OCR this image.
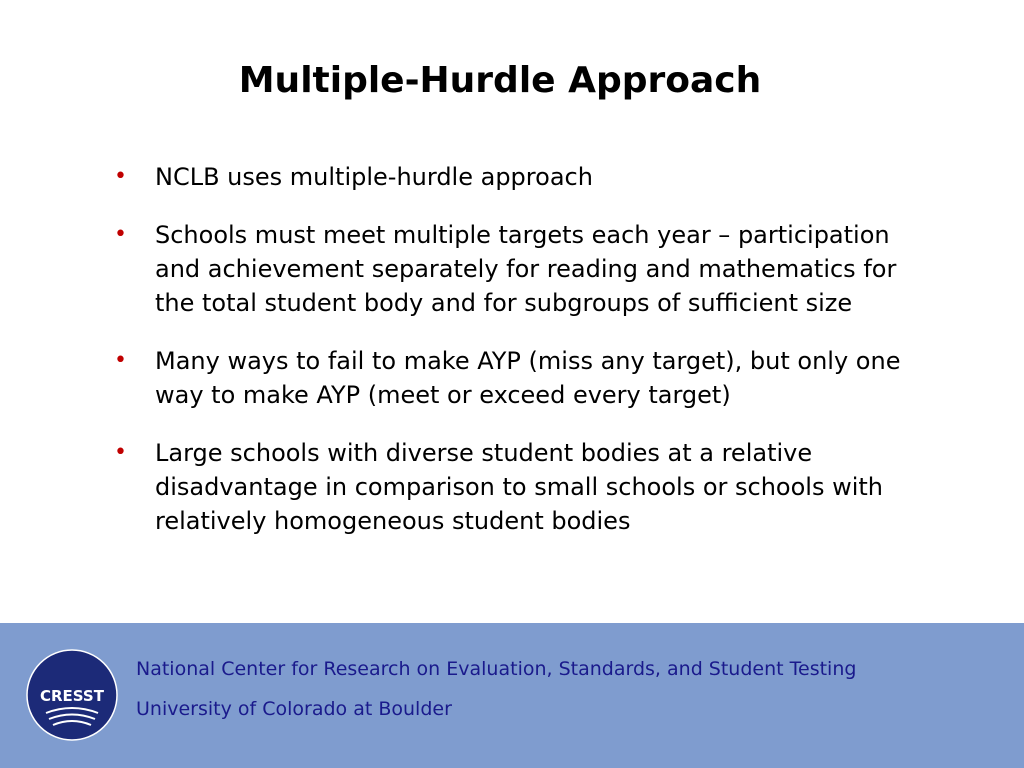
Multiple-Hurdle Approach
• NCLB uses multiple-hurdle approach
• Schools must meet multiple targets each year – participation and achievement separately for reading and mathematics for the total student body and for subgroups of sufficient size
• Many ways to fail to make AYP (miss any target), but only one way to make AYP (meet or exceed every target)
• Large schools with diverse student bodies at a relative disadvantage in comparison to small schools or schools with relatively homogeneous student bodies
CRESST
National Center for Research on Evaluation, Standards, and Student Testing
University of Colorado at Boulder
